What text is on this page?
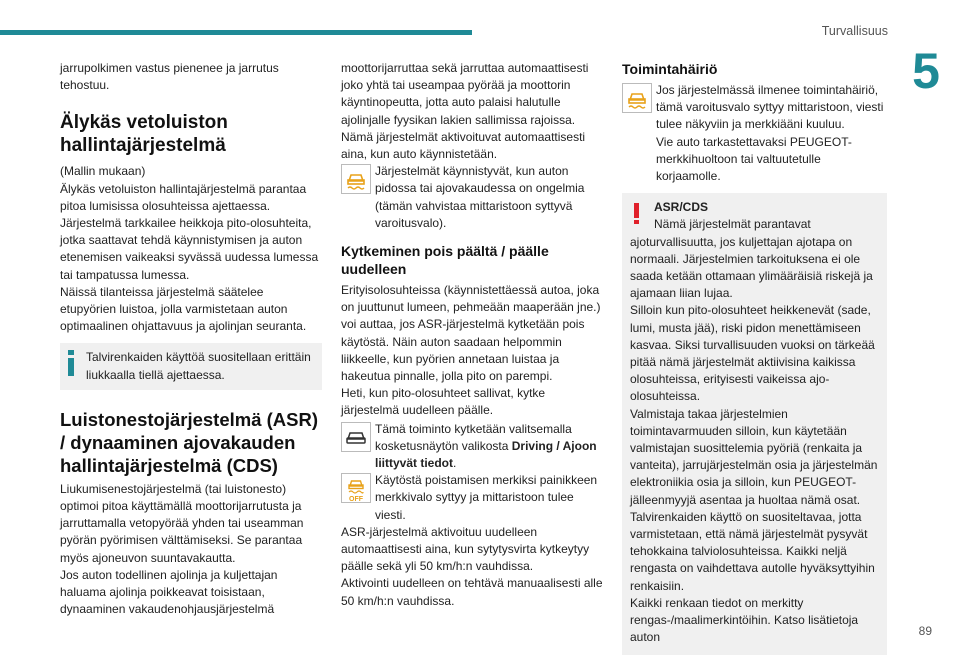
Turvallisuus
5

jarrupolkimen vastus pienenee ja jarrutus tehostuu.

Älykäs vetoluiston hallintajärjestelmä

(Mallin mukaan)
Älykäs vetoluiston hallintajärjestelmä parantaa pitoa lumisissa olosuhteissa ajettaessa.
Järjestelmä tarkkailee heikkoja pito-olosuhteita, jotka saattavat tehdä käynnistymisen ja auton etenemisen vaikeaksi syvässä uudessa lumessa tai tampatussa lumessa.
Näissä tilanteissa järjestelmä säätelee etupyörien luistoa, jolla varmistetaan auton optimaalinen ohjattavuus ja ajolinjan seuranta.

Talvirenkaiden käyttöä suositellaan erittäin liukkaalla tiellä ajettaessa.

Luistonestojärjestelmä (ASR) / dynaaminen ajovakauden hallintajärjestelmä (CDS)

Liukumisenestojärjestelmä (tai luistonesto) optimoi pitoa käyttämällä moottorijarrutusta ja jarruttamalla vetopyörää yhden tai useamman pyörän pyörimisen välttämiseksi. Se parantaa myös ajoneuvon suuntavakautta.
Jos auton todellinen ajolinja ja kuljettajan haluama ajolinja poikkeavat toisistaan, dynaaminen vakaudenohjausjärjestelmä

moottorijarruttaa sekä jarruttaa automaattisesti joko yhtä tai useampaa pyörää ja moottorin käyntinopeutta, jotta auto palaisi halutulle ajolinjalle fyysikan lakien sallimissa rajoissa.
Nämä järjestelmät aktivoituvat automaattisesti aina, kun auto käynnistetään.

Järjestelmät käynnistyvät, kun auton pidossa tai ajovakaudessa on ongelmia (tämän vahvistaa mittaristoon syttyvä varoitusvalo).

Kytkeminen pois päältä / päälle uudelleen

Erityisolosuhteissa (käynnistettäessä autoa, joka on juuttunut lumeen, pehmeään maaperään jne.) voi auttaa, jos ASR-järjestelmä kytketään pois käytöstä. Näin auton saadaan helpommin liikkeelle, kun pyörien annetaan luistaa ja hakeutua pinnalle, jolla pito on parempi.
Heti, kun pito-olosuhteet sallivat, kytke järjestelmä uudelleen päälle.

Tämä toiminto kytketään valitsemalla kosketusnäytön valikosta Driving / Ajoon liittyvät tiedot.

OFF

Käytöstä poistamisen merkiksi painikkeen merkkivalo syttyy ja mittaristoon tulee viesti.

ASR-järjestelmä aktivoituu uudelleen automaattisesti aina, kun sytytysvirta kytkeytyy päälle sekä yli 50 km/h:n vauhdissa.
Aktivointi uudelleen on tehtävä manuaalisesti alle 50 km/h:n vauhdissa.

Toimintahäiriö

Jos järjestelmässä ilmenee toimintahäiriö, tämä varoitusvalo syttyy mittaristoon, viesti tulee näkyviin ja merkkiääni kuuluu.
Vie auto tarkastettavaksi PEUGEOT-merkkihuoltoon tai valtuutetulle korjaamolle.

ASR/CDS

Nämä järjestelmät parantavat ajoturvallisuutta, jos kuljettajan ajotapa on normaali. Järjestelmien tarkoituksena ei ole saada ketään ottamaan ylimääräisiä riskejä ja ajamaan liian lujaa.
Silloin kun pito-olosuhteet heikkenevät (sade, lumi, musta jää), riski pidon menettämiseen kasvaa. Siksi turvallisuuden vuoksi on tärkeää pitää nämä järjestelmät aktiivisina kaikissa olosuhteissa, erityisesti vaikeissa ajo-olosuhteissa.
Valmistaja takaa järjestelmien toimintavarmuuden silloin, kun käytetään valmistajan suosittelemia pyöriä (renkaita ja vanteita), jarrujärjestelmän osia ja järjestelmän elektroniikia osia ja silloin, kun PEUGEOT-jälleenmyyjä asentaa ja huoltaa nämä osat.
Talvirenkaiden käyttö on suositeltavaa, jotta varmistetaan, että nämä järjestelmät pysyvät tehokkaina talviolosuhteissa. Kaikki neljä rengasta on vaihdettava autolle hyväksyttyihin renkaisiin.
Kaikki renkaan tiedot on merkitty rengas-/maalimerkintöihin. Katso lisätietoja auton	89
